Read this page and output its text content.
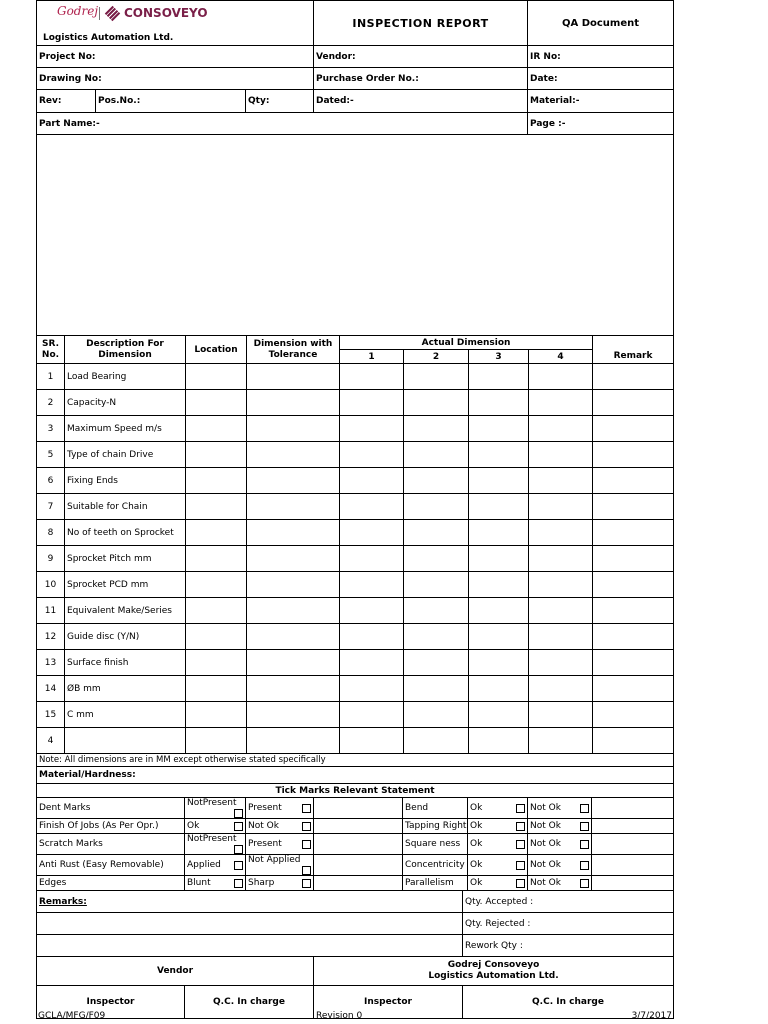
Godrej CONSOVEYO
Logistics Automation Ltd.	INSPECTION REPORT	QA Document
Project No:	Vendor:	IR No:
Drawing No:	Purchase Order No.:	Date:
Rev:	Pos.No.:	Qty:	Dated:-	Material:-
Part Name:-	Page :-

SR. No.	Description For Dimension	Location	Dimension with Tolerance	Actual Dimension				
				1	2	3	4	Remark
1	Load Bearing							
2	Capacity-N							
3	Maximum Speed m/s							
5	Type of chain Drive							
6	Fixing Ends							
7	Suitable for Chain							
8	No of teeth on Sprocket							
9	Sprocket Pitch mm							
10	Sprocket PCD mm							
11	Equivalent Make/Series							
12	Guide disc (Y/N)							
13	Surface finish							
14	ØB mm							
15	C mm							
4								
Note: All dimensions are in MM except otherwise stated specifically
Material/Hardness:
Tick Marks Relevant Statement
Dent Marks	NotPresent	Present		Bend	Ok	Not Ok

Finish Of Jobs (As Per Opr.)	Ok	Not Ok		Tapping Right	Ok	Not Ok

Scratch Marks	NotPresent	Present		Square ness	Ok	Not Ok

Anti Rust (Easy Removable)	Applied	Not Applied		Concentricity	Ok	Not Ok

Edges	Blunt	Sharp		Parallelism	Ok	Not Ok

Remarks:	Qty. Accepted :
	Qty. Rejected :
	Rework Qty :
Vendor		Godrej Consoveyo
Logistics Automation Ltd.	

Inspector	Q.C. In charge	Inspector	Q.C. In charge
GCLA/MFG/F09	Revision 0	3/7/2017
